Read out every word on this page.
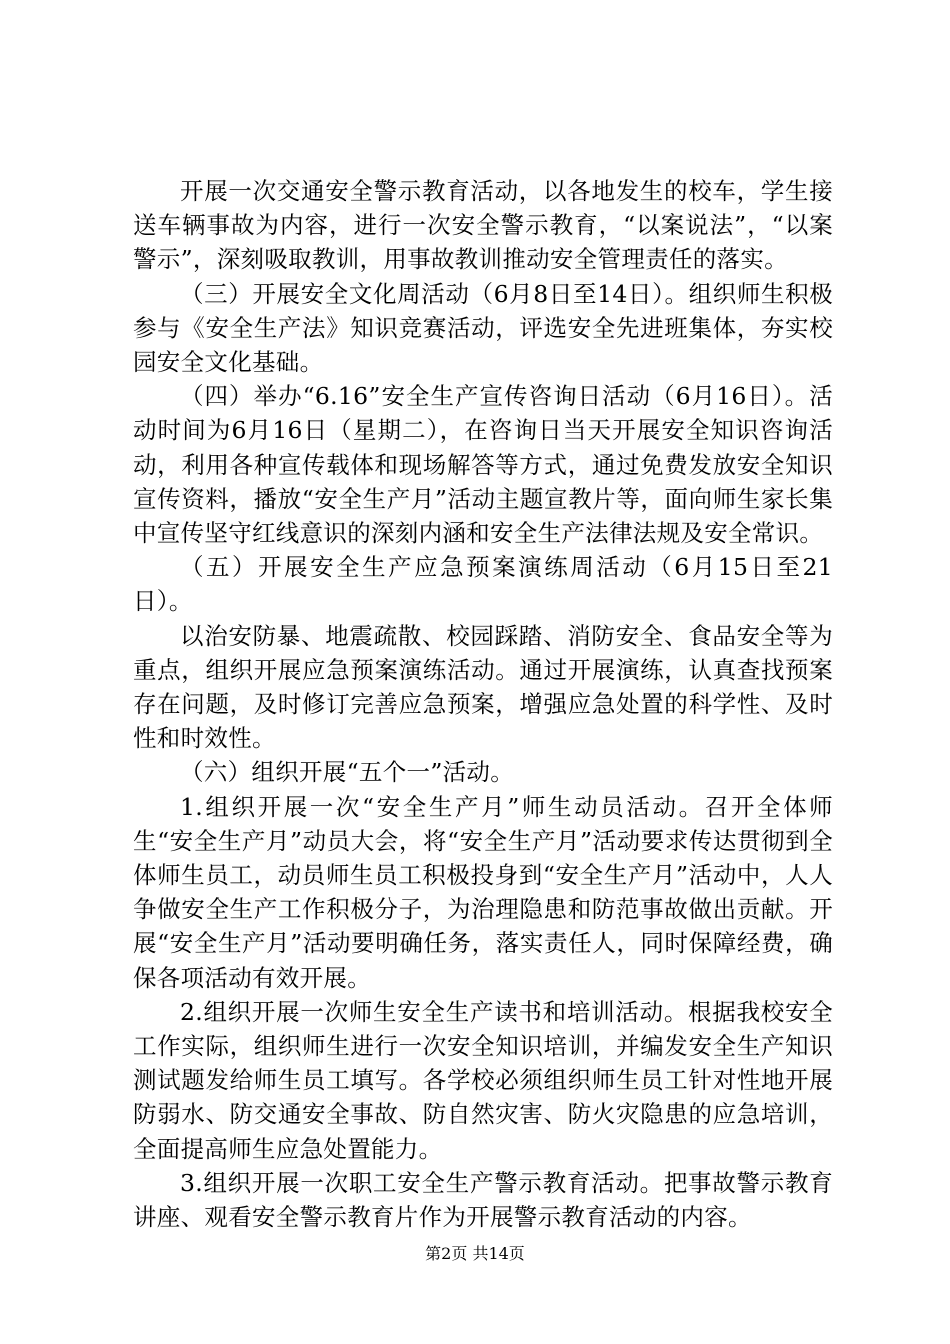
开展一次交通安全警示教育活动，以各地发生的校车，学生接送车辆事故为内容，进行一次安全警示教育，“以案说法”，“以案警示”，深刻吸取教训，用事故教训推动安全管理责任的落实。

（三）开展安全文化周活动（6月8日至14日）。组织师生积极参与《安全生产法》知识竞赛活动，评选安全先进班集体，夯实校园安全文化基础。

（四）举办“6.16”安全生产宣传咨询日活动（6月16日）。活动时间为6月16日（星期二），在咨询日当天开展安全知识咨询活动，利用各种宣传载体和现场解答等方式，通过免费发放安全知识宣传资料，播放“安全生产月”活动主题宣教片等，面向师生家长集中宣传坚守红线意识的深刻内涵和安全生产法律法规及安全常识。

（五）开展安全生产应急预案演练周活动（6月15日至21日）。

以治安防暴、地震疏散、校园踩踏、消防安全、食品安全等为重点，组织开展应急预案演练活动。通过开展演练，认真查找预案存在问题，及时修订完善应急预案，增强应急处置的科学性、及时性和时效性。

（六）组织开展“五个一”活动。

1.组织开展一次“安全生产月”师生动员活动。召开全体师生“安全生产月”动员大会，将“安全生产月”活动要求传达贯彻到全体师生员工，动员师生员工积极投身到“安全生产月”活动中，人人争做安全生产工作积极分子，为治理隐患和防范事故做出贡献。开展“安全生产月”活动要明确任务，落实责任人，同时保障经费，确保各项活动有效开展。

2.组织开展一次师生安全生产读书和培训活动。根据我校安全工作实际，组织师生进行一次安全知识培训，并编发安全生产知识测试题发给师生员工填写。各学校必须组织师生员工针对性地开展防弱水、防交通安全事故、防自然灾害、防火灾隐患的应急培训，全面提高师生应急处置能力。

3.组织开展一次职工安全生产警示教育活动。把事故警示教育讲座、观看安全警示教育片作为开展警示教育活动的内容。

第2页 共14页
